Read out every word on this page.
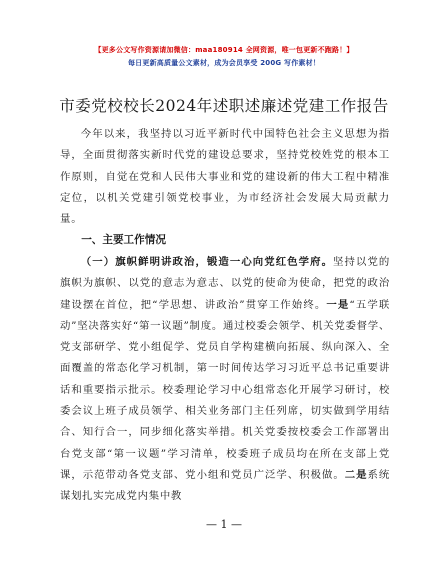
【更多公文写作资源请加微信：maa180914 全网资源，唯一包更新不跑路！】
每日更新高质量公文素材，成为会员享受 200G 写作素材！
市委党校校长2024年述职述廉述党建工作报告
今年以来，我坚持以习近平新时代中国特色社会主义思想为指导，全面贯彻落实新时代党的建设总要求，坚持党校姓党的根本工作原则，自觉在党和人民伟大事业和党的建设新的伟大工程中精准定位，以机关党建引领党校事业，为市经济社会发展大局贡献力量。
一、主要工作情况
（一）旗帜鲜明讲政治，锻造一心向党红色学府。坚持以党的旗帜为旗帜、以党的意志为意志、以党的使命为使命，把党的政治建设摆在首位，把“学思想、讲政治”贯穿工作始终。一是“五学联动”坚决落实好“第一议题”制度。通过校委会领学、机关党委督学、党支部研学、党小组促学、党员自学构建横向拓展、纵向深入、全面覆盖的常态化学习机制，第一时间传达学习习近平总书记重要讲话和重要指示批示。校委理论学习中心组常态化开展学习研讨，校委会议上班子成员领学、相关业务部门主任列席，切实做到学用结合、知行合一，同步细化落实举措。机关党委按校委会工作部署出台党支部“第一议题”学习清单，校委班子成员均在所在支部上党课，示范带动各党支部、党小组和党员广泛学、积极做。二是系统谋划扎实完成党内集中教
— 1 —
